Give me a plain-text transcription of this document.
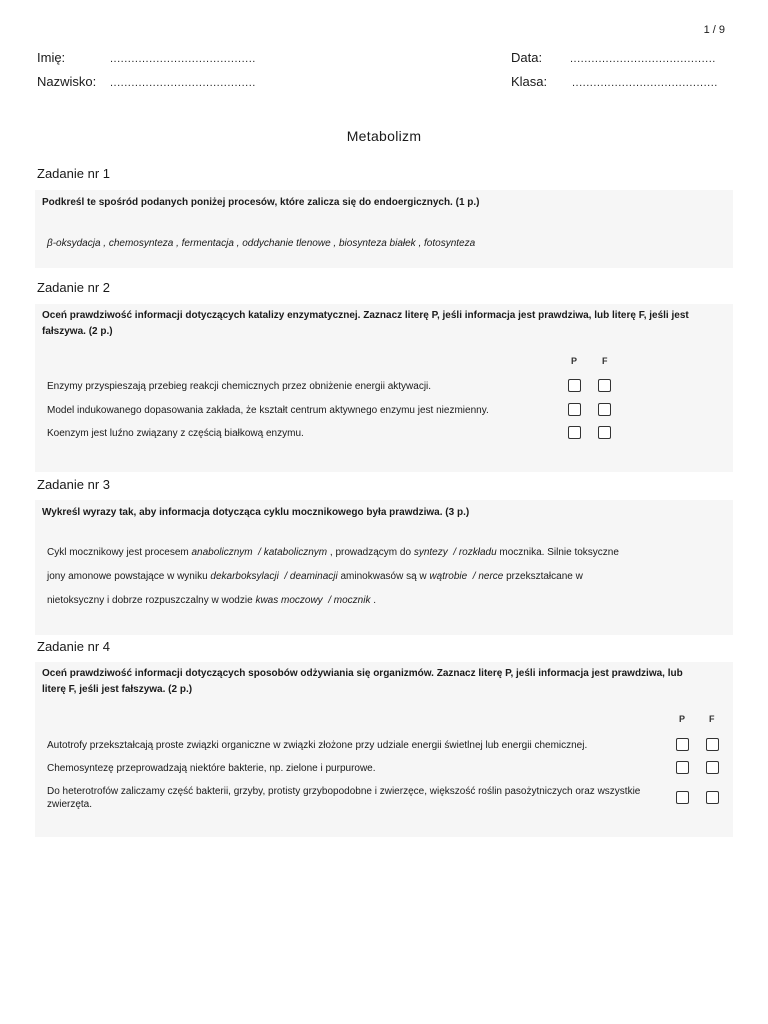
1 / 9
Imię:	.........................................
Nazwisko: .........................................
Data:	.........................................
Klasa: .........................................
Metabolizm
Zadanie nr 1
Podkreśl te spośród podanych poniżej procesów, które zalicza się do endoergicznych. (1 p.)
β-oksydacja , chemosynteza , fermentacja , oddychanie tlenowe , biosynteza białek , fotosynteza
Zadanie nr 2
Oceń prawdziwość informacji dotyczących katalizy enzymatycznej. Zaznacz literę P, jeśli informacja jest prawdziwa, lub literę F, jeśli jest fałszywa. (2 p.)
P	F
Enzymy przyspieszają przebieg reakcji chemicznych przez obniżenie energii aktywacji.
Model indukowanego dopasowania zakłada, że kształt centrum aktywnego enzymu jest niezmienny.
Koenzym jest luźno związany z częścią białkową enzymu.
Zadanie nr 3
Wykreśl wyrazy tak, aby informacja dotycząca cyklu mocznikowego była prawdziwa. (3 p.)
Cykl mocznikowy jest procesem anabolicznym  / katabolicznym , prowadzącym do syntezy  / rozkładu mocznika. Silnie toksyczne
jony amonowe powstające w wyniku dekarboksylacji  / deaminacji aminokwasów są w wątrobie  / nerce przekształcane w
nietoksyczny i dobrze rozpuszczalny w wodzie kwas moczowy  / mocznik .
Zadanie nr 4
Oceń prawdziwość informacji dotyczących sposobów odżywiania się organizmów. Zaznacz literę P, jeśli informacja jest prawdziwa, lub literę F, jeśli jest fałszywa. (2 p.)
P	F
Autotrofy przekształcają proste związki organiczne w związki złożone przy udziale energii świetlnej lub energii chemicznej.
Chemosyntezę przeprowadzają niektóre bakterie, np. zielone i purpurowe.
Do heterotrofów zaliczamy część bakterii, grzyby, protisty grzybopodobne i zwierzęce, większość roślin pasożytniczych oraz wszystkie zwierzęta.
